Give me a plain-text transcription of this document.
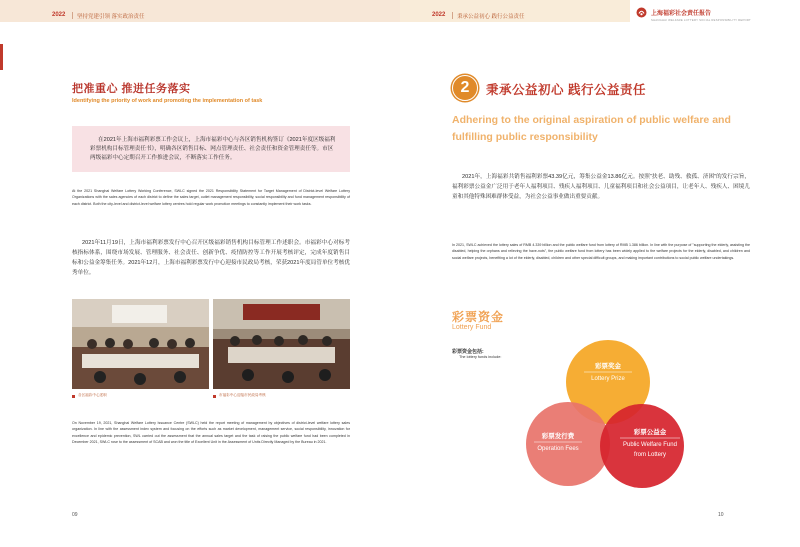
2022 坚持党建引领 落实政治责任
把准重心 推进任务落实
Identifying the priority of work and promoting the implementation of task

在2021年上海市福利彩票工作会议上，上海市福彩中心与各区销售机构签订《2021年度区级福利彩票机构目标管理责任书》，明确各区销售目标、网点管理责任、社会责任和资金管理责任等。市区两级福彩中心定期召开工作推进会议，不断落实工作任务。

At the 2021 Shanghai Welfare Lottery Working Conference, SWLC signed the 2021 Responsibility Statement for Target Management of District-level Welfare Lottery Organizations with the sales agencies of each district to define the sales target, outlet management responsibility, social responsibility and fund management responsibility of each district. Both the city-level and district-level welfare lottery centres hold regular work promotion meetings to constantly implement their work tasks.

2021年11月19日，上海市福利彩票发行中心召开区级福彩销售机构目标管理工作述职会。市福彩中心对标考核指标体系，围绕市场发展、管理服务、社会责任、创新争优、疫情防控等工作开展考核评定，完成年度销售目标和公益金筹集任务。2021年12月，上海市福利彩票发行中心迎接市民政局考核，荣获2021年度局管单位考核优秀单位。

各区福彩中心述职	市福彩中心迎接市民政局考核

On November 19, 2021, Shanghai Welfare Lottery Issuance Centre (SWLC) held the report meeting of management by objectives of district-level welfare lottery sales organization. In line with the assessment index system and focusing on the efforts such as market development, management service, social responsibility, innovation for excellence and epidemic prevention, SWL carried out the assessment that the annual sales target and the task of raising the public welfare fund had been completed in December 2021, SWLC rose to the assessment of SCAB and won the title of Excellent Unit in the Assessment of Units Directly Managed by the Bureau in 2021.

09
2022 秉承公益初心 践行公益责任
10
上海福彩社会责任报告
SHANGHAI WELFARE LOTTERY SOCIAL RESPONSIBILITY REPORT
2	秉承公益初心 践行公益责任
Adhering to the original aspiration of public welfare and fulfilling public responsibility

2021年，上海福彩共销售福利彩票43.39亿元，筹集公益金13.86亿元。按照“扶老、助残、救孤、济困”的发行宗旨，福利彩票公益金广泛用于老年人福利项目、残疾人福利项目、儿童福利项目和社会公益项目，让老年人、残疾人、困境儿童和其他特殊困难群体受益，为社会公益事业做出重要贡献。

In 2021, SWLC achieved the lottery sales of RMB 4.339 billion and the public welfare fund from lottery of RMB 1.386 billion. In line with the purpose of "supporting the elderly, assisting the disabled, helping the orphans and relieving the have-nots", the public welfare fund from lottery has been widely applied to the welfare projects for the elderly, disabled, and children and social welfare projects, benefiting a lot of the elderly, disabled, children and other special difficult groups, and making important contributions to social public welfare undertakings.

彩票资金
Lottery Fund
彩票资金包括:
The lottery funds include:
彩票奖金
Lottery Prize
彩票发行费
Operation Fees
彩票公益金
Public Welfare Fund
from Lottery
